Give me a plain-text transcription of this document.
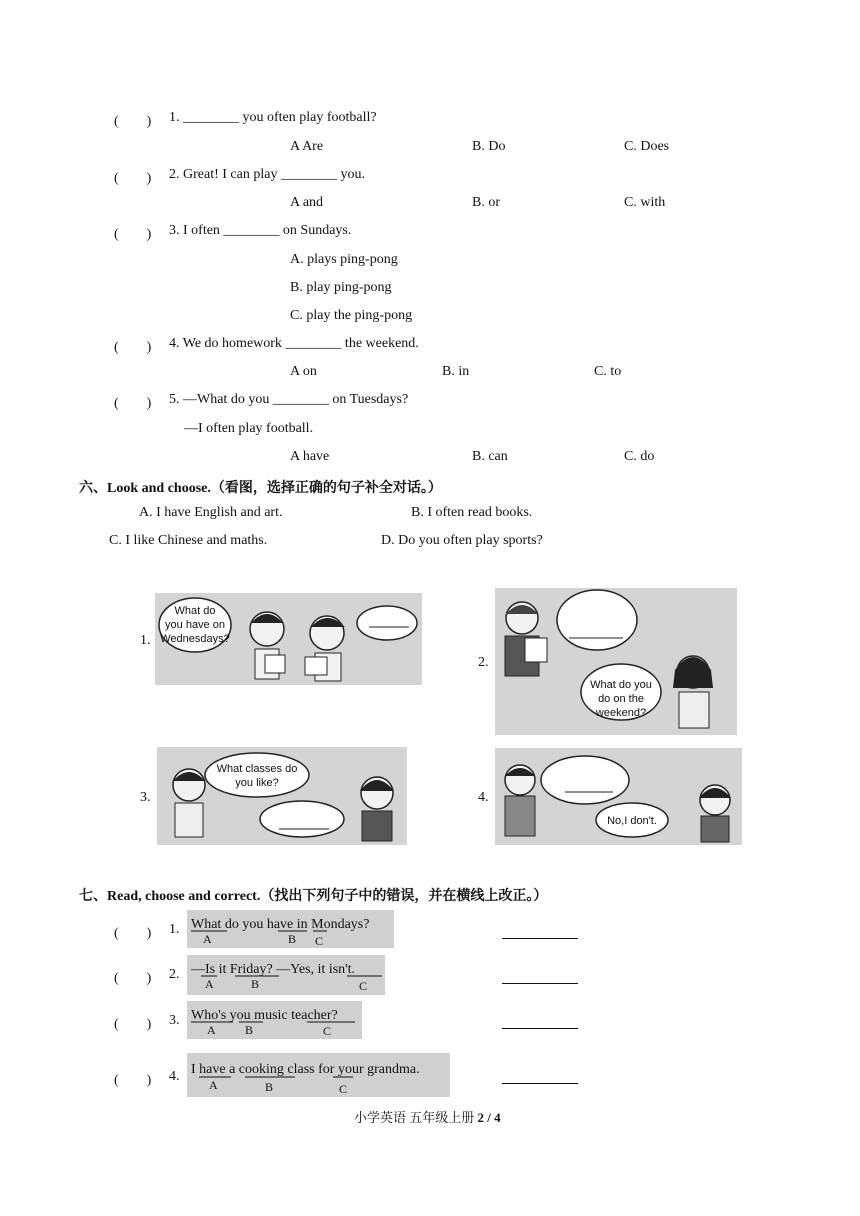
(　　) 1. ________ you often play football?
A Are	B. Do	C. Does
(　　) 2. Great! I can play ________ you.
A and	B. or	C. with
(　　) 3. I often ________ on Sundays.
A. plays ping-pong
B. play ping-pong
C. play the ping-pong
(　　) 4. We do homework ________ the weekend.
A on	B. in	C. to
(　　) 5. —What do you ________ on Tuesdays?
—I often play football.
A have	B. can	C. do
六、Look and choose.（看图，选择正确的句子补全对话。）
A. I have English and art.	B. I often read books.
C. I like Chinese and maths.	D. Do you often play sports?
1.
What do
you have on
Wednesdays?
2.
What do you
do on the
weekend?
3.
What classes do
you like?
4.
No,I don't.
七、Read, choose and correct.（找出下列句子中的错误，并在横线上改正。）
(　　) 1. What do you have in Mondays?
A	B C
(　　) 2. —Is it Friday? —Yes, it isn't.
A	B	C
(　　) 3. Who's you music teacher?
A B	C
(　　) 4. I have a cooking class for your grandma.
A	B	C
小学英语 五年级上册 2 / 4
